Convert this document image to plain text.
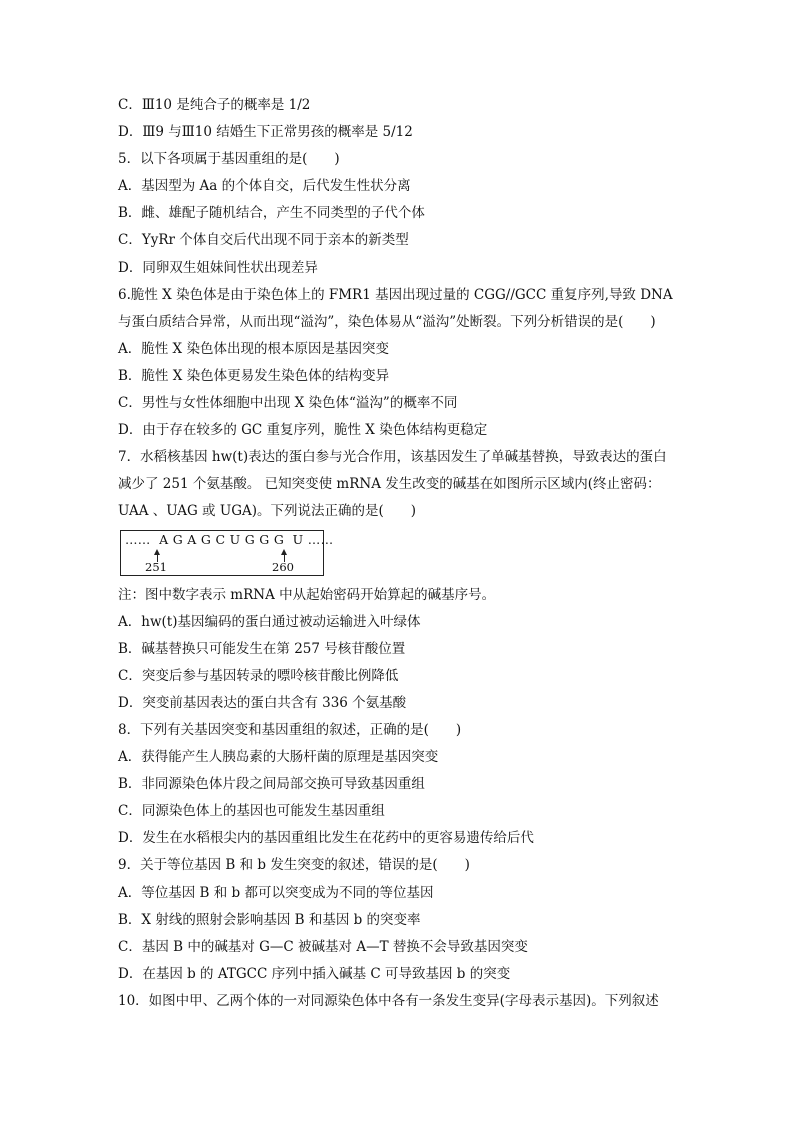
C．Ⅲ10 是纯合子的概率是 1/2
D．Ⅲ9 与Ⅲ10 结婚生下正常男孩的概率是 5/12
5．以下各项属于基因重组的是(　　)
A．基因型为 Aa 的个体自交，后代发生性状分离
B．雌、雄配子随机结合，产生不同类型的子代个体
C．YyRr 个体自交后代出现不同于亲本的新类型
D．同卵双生姐妹间性状出现差异
6.脆性 X 染色体是由于染色体上的 FMR1 基因出现过量的 CGG//GCC 重复序列,导致 DNA
与蛋白质结合异常，从而出现“溢沟”，染色体易从“溢沟”处断裂。下列分析错误的是(　　)
A．脆性 X 染色体出现的根本原因是基因突变
B．脆性 X 染色体更易发生染色体的结构变异
C．男性与女性体细胞中出现 X 染色体“溢沟”的概率不同
D．由于存在较多的 GC 重复序列，脆性 X 染色体结构更稳定
7．水稻核基因 hw(t)表达的蛋白参与光合作用，该基因发生了单碱基替换，导致表达的蛋白
减少了 251 个氨基酸。 已知突变使 mRNA 发生改变的碱基在如图所示区域内(终止密码：
UAA 、UAG 或 UGA)。下列说法正确的是(　　)
……  A G A G C U G G G  U ……
251	260
注：图中数字表示 mRNA 中从起始密码开始算起的碱基序号。
A．hw(t)基因编码的蛋白通过被动运输进入叶绿体
B．碱基替换只可能发生在第 257 号核苷酸位置
C．突变后参与基因转录的嘌呤核苷酸比例降低
D．突变前基因表达的蛋白共含有 336 个氨基酸
8．下列有关基因突变和基因重组的叙述，正确的是(　　)
A．获得能产生人胰岛素的大肠杆菌的原理是基因突变
B．非同源染色体片段之间局部交换可导致基因重组
C．同源染色体上的基因也可能发生基因重组
D．发生在水稻根尖内的基因重组比发生在花药中的更容易遗传给后代
9．关于等位基因 B 和 b 发生突变的叙述，错误的是(　　)
A．等位基因 B 和 b 都可以突变成为不同的等位基因
B．X 射线的照射会影响基因 B 和基因 b 的突变率
C．基因 B 中的碱基对 G—C 被碱基对 A—T 替换不会导致基因突变
D．在基因 b 的 ATGCC 序列中插入碱基 C 可导致基因 b 的突变
10．如图中甲、乙两个体的一对同源染色体中各有一条发生变异(字母表示基因)。下列叙述
